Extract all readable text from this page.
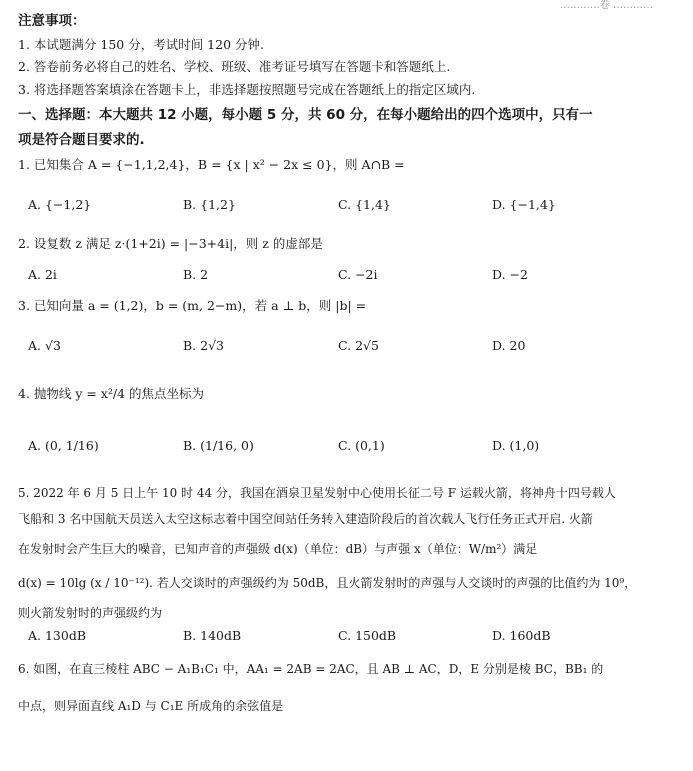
…………卷 …………
注意事项：
1. 本试题满分 150 分，考试时间 120 分钟.
2. 答卷前务必将自己的姓名、学校、班级、准考证号填写在答题卡和答题纸上.
3. 将选择题答案填涂在答题卡上，非选择题按照题号完成在答题纸上的指定区域内.
一、选择题：本大题共 12 小题，每小题 5 分，共 60 分，在每小题给出的四个选项中，只有一
项是符合题目要求的.
1. 已知集合 A = {−1,1,2,4}，B = {x | x² − 2x ≤ 0}，则 A∩B =
A. {−1,2}	B. {1,2}	C. {1,4}	D. {−1,4}
2. 设复数 z 满足 z·(1+2i) = |−3+4i|，则 z 的虚部是
A. 2i	B. 2	C. −2i	D. −2
3. 已知向量 a = (1,2)，b = (m, 2−m)，若 a ⊥ b，则 |b| =
A. √3	B. 2√3	C. 2√5	D. 20
4. 抛物线 y = x²/4 的焦点坐标为
A. (0, 1/16)	B. (1/16, 0)	C. (0,1)	D. (1,0)
5. 2022 年 6 月 5 日上午 10 时 44 分，我国在酒泉卫星发射中心使用长征二号 F 运载火箭，将神舟十四号载人
飞船和 3 名中国航天员送入太空这标志着中国空间站任务转入建造阶段后的首次载人飞行任务正式开启. 火箭
在发射时会产生巨大的噪音，已知声音的声强级 d(x)（单位：dB）与声强 x（单位：W/m²）满足
d(x) = 10lg (x / 10⁻¹²). 若人交谈时的声强级约为 50dB，且火箭发射时的声强与人交谈时的声强的比值约为 10⁹，
则火箭发射时的声强级约为
A. 130dB	B. 140dB	C. 150dB	D. 160dB
6. 如图，在直三棱柱 ABC − A₁B₁C₁ 中，AA₁ = 2AB = 2AC，且 AB ⊥ AC，D，E 分别是棱 BC，BB₁ 的
中点，则异面直线 A₁D 与 C₁E 所成角的余弦值是
